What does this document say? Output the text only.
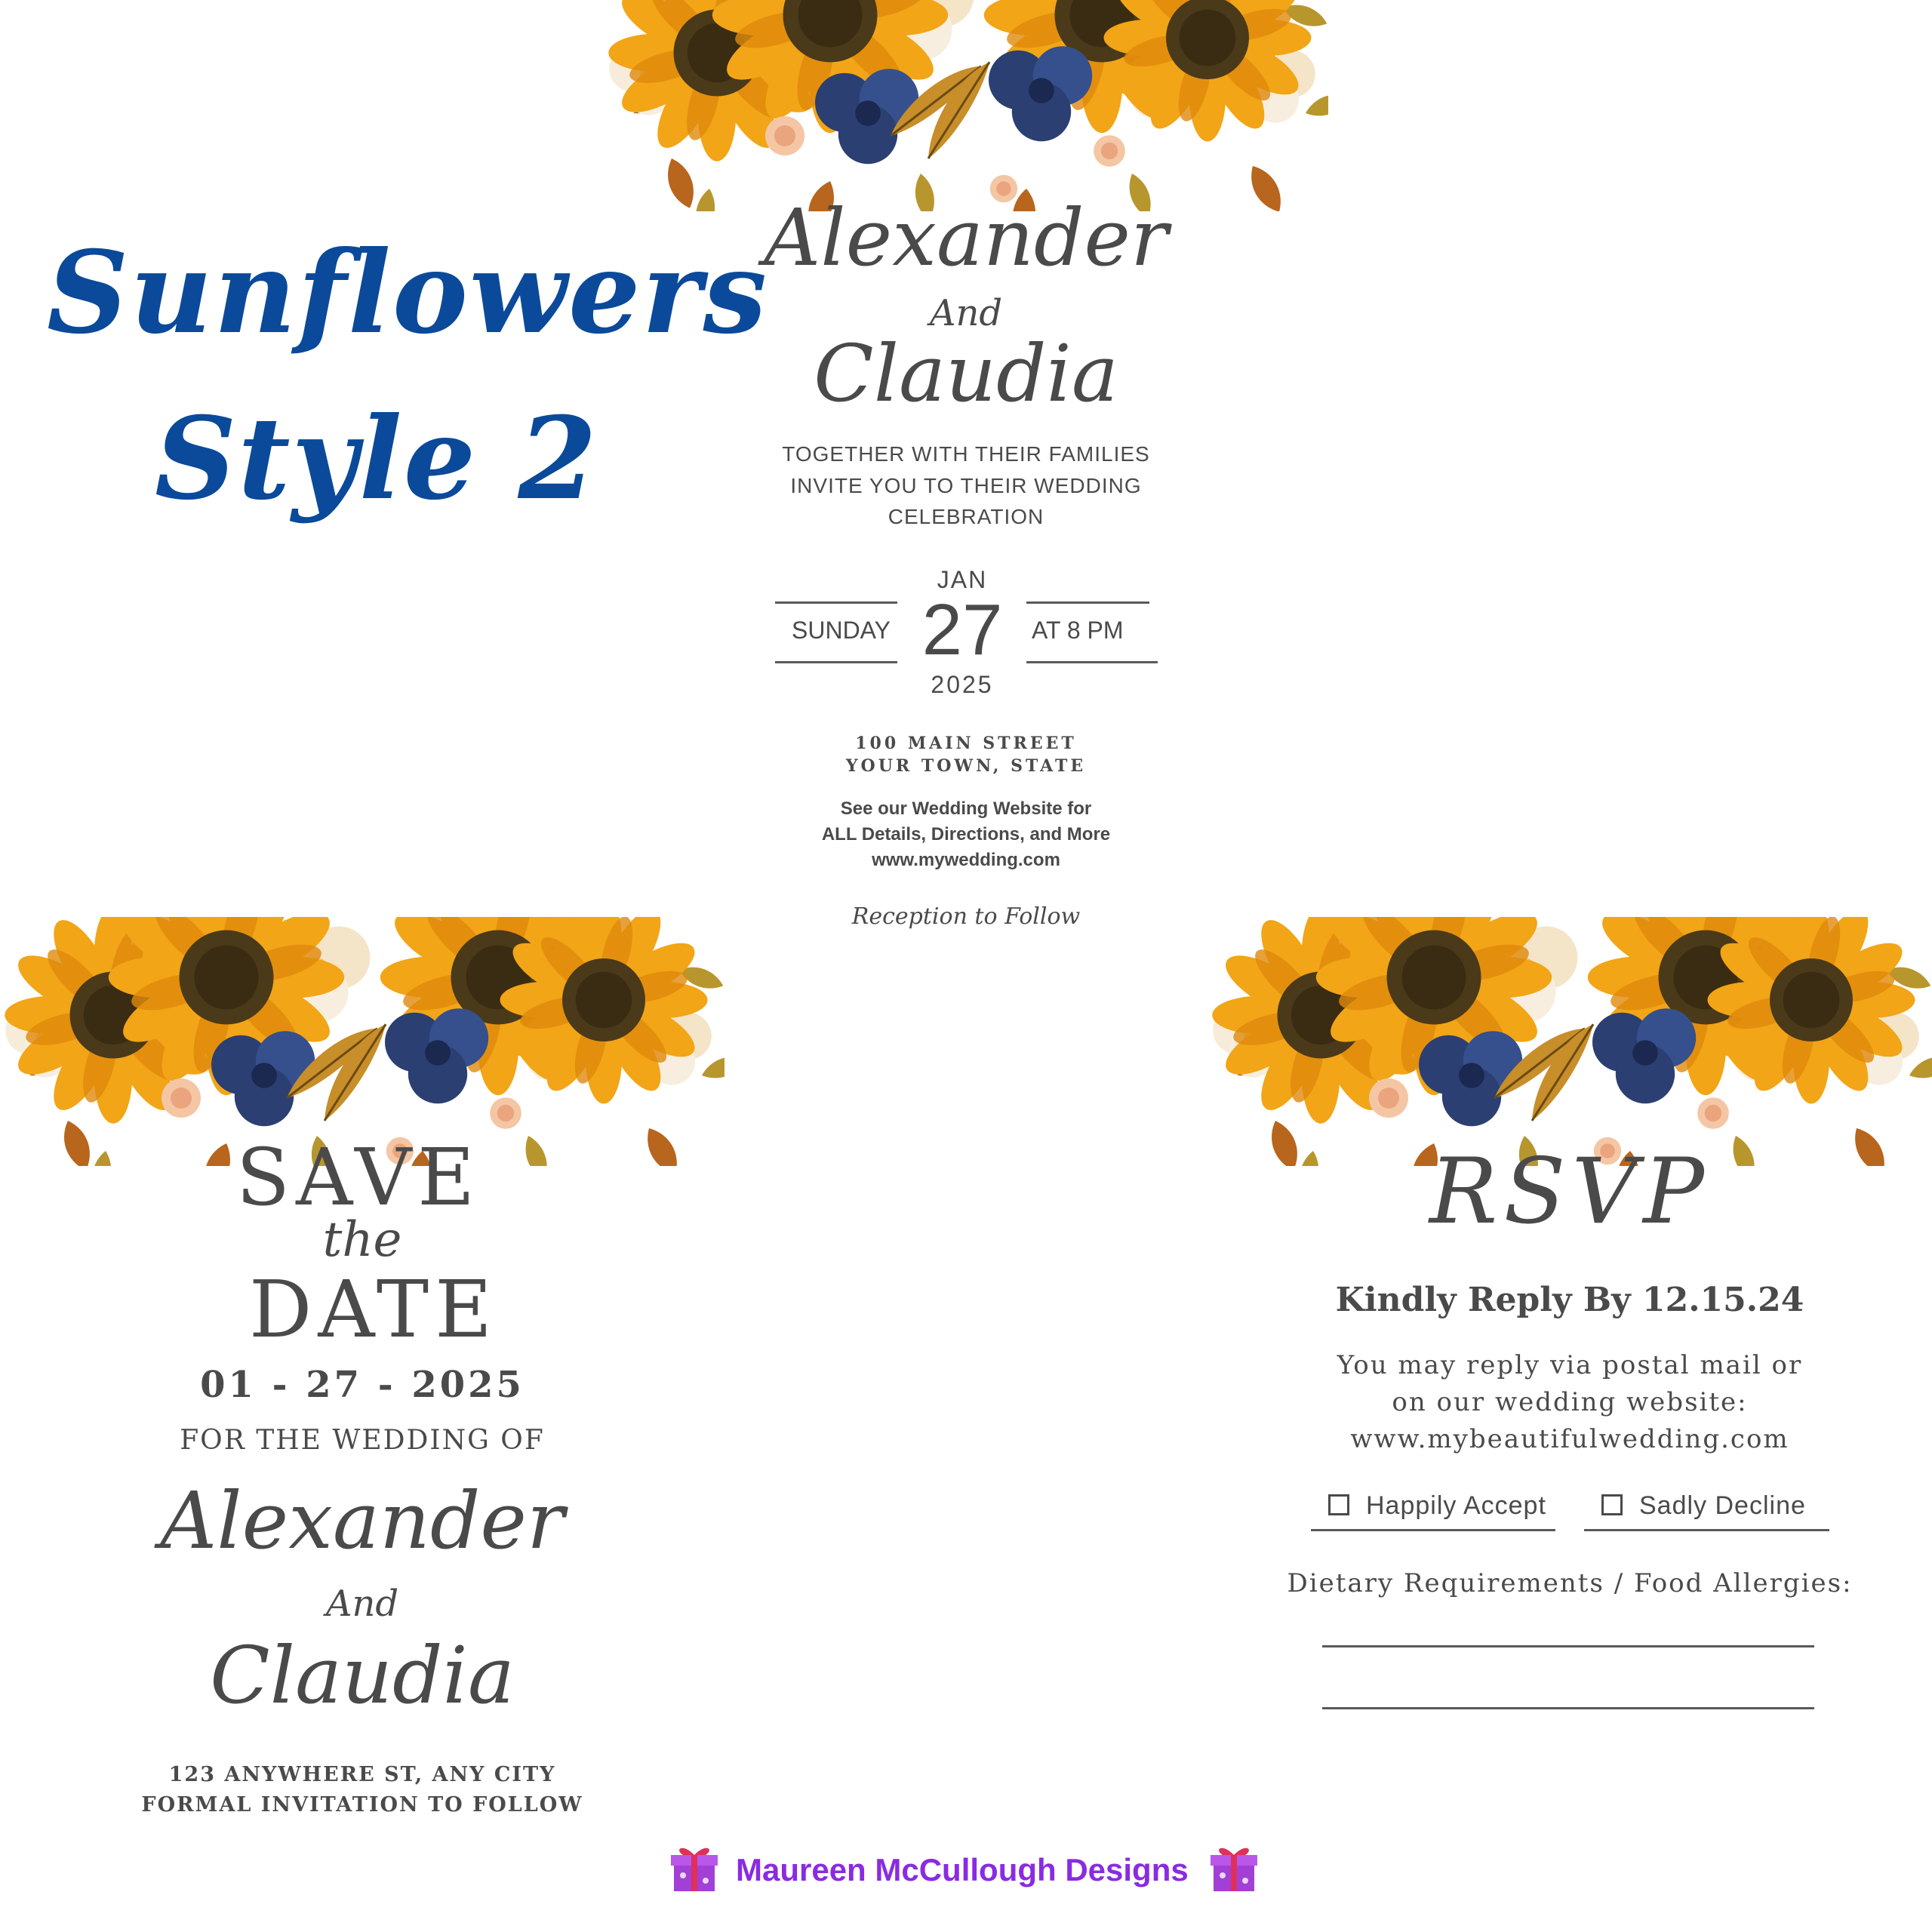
Sunflowers
Style 2
Alexander
And
Claudia
TOGETHER WITH THEIR FAMILIES
INVITE YOU TO THEIR WEDDING
CELEBRATION
JAN
SUNDAY 27	AT 8 PM
2025
100 MAIN STREET
YOUR TOWN, STATE
See our Wedding Website for
ALL Details, Directions, and More
www.mywedding.com
Reception to Follow
SAVE
the
DATE
01 - 27 - 2025
FOR THE WEDDING OF
Alexander
And
Claudia
123 ANYWHERE ST, ANY CITY
FORMAL INVITATION TO FOLLOW
RSVP
Kindly Reply By 12.15.24
You may reply via postal mail or
on our wedding website:
www.mybeautifulwedding.com
Happily Accept	Sadly Decline
Dietary Requirements / Food Allergies:
Maureen McCullough Designs
